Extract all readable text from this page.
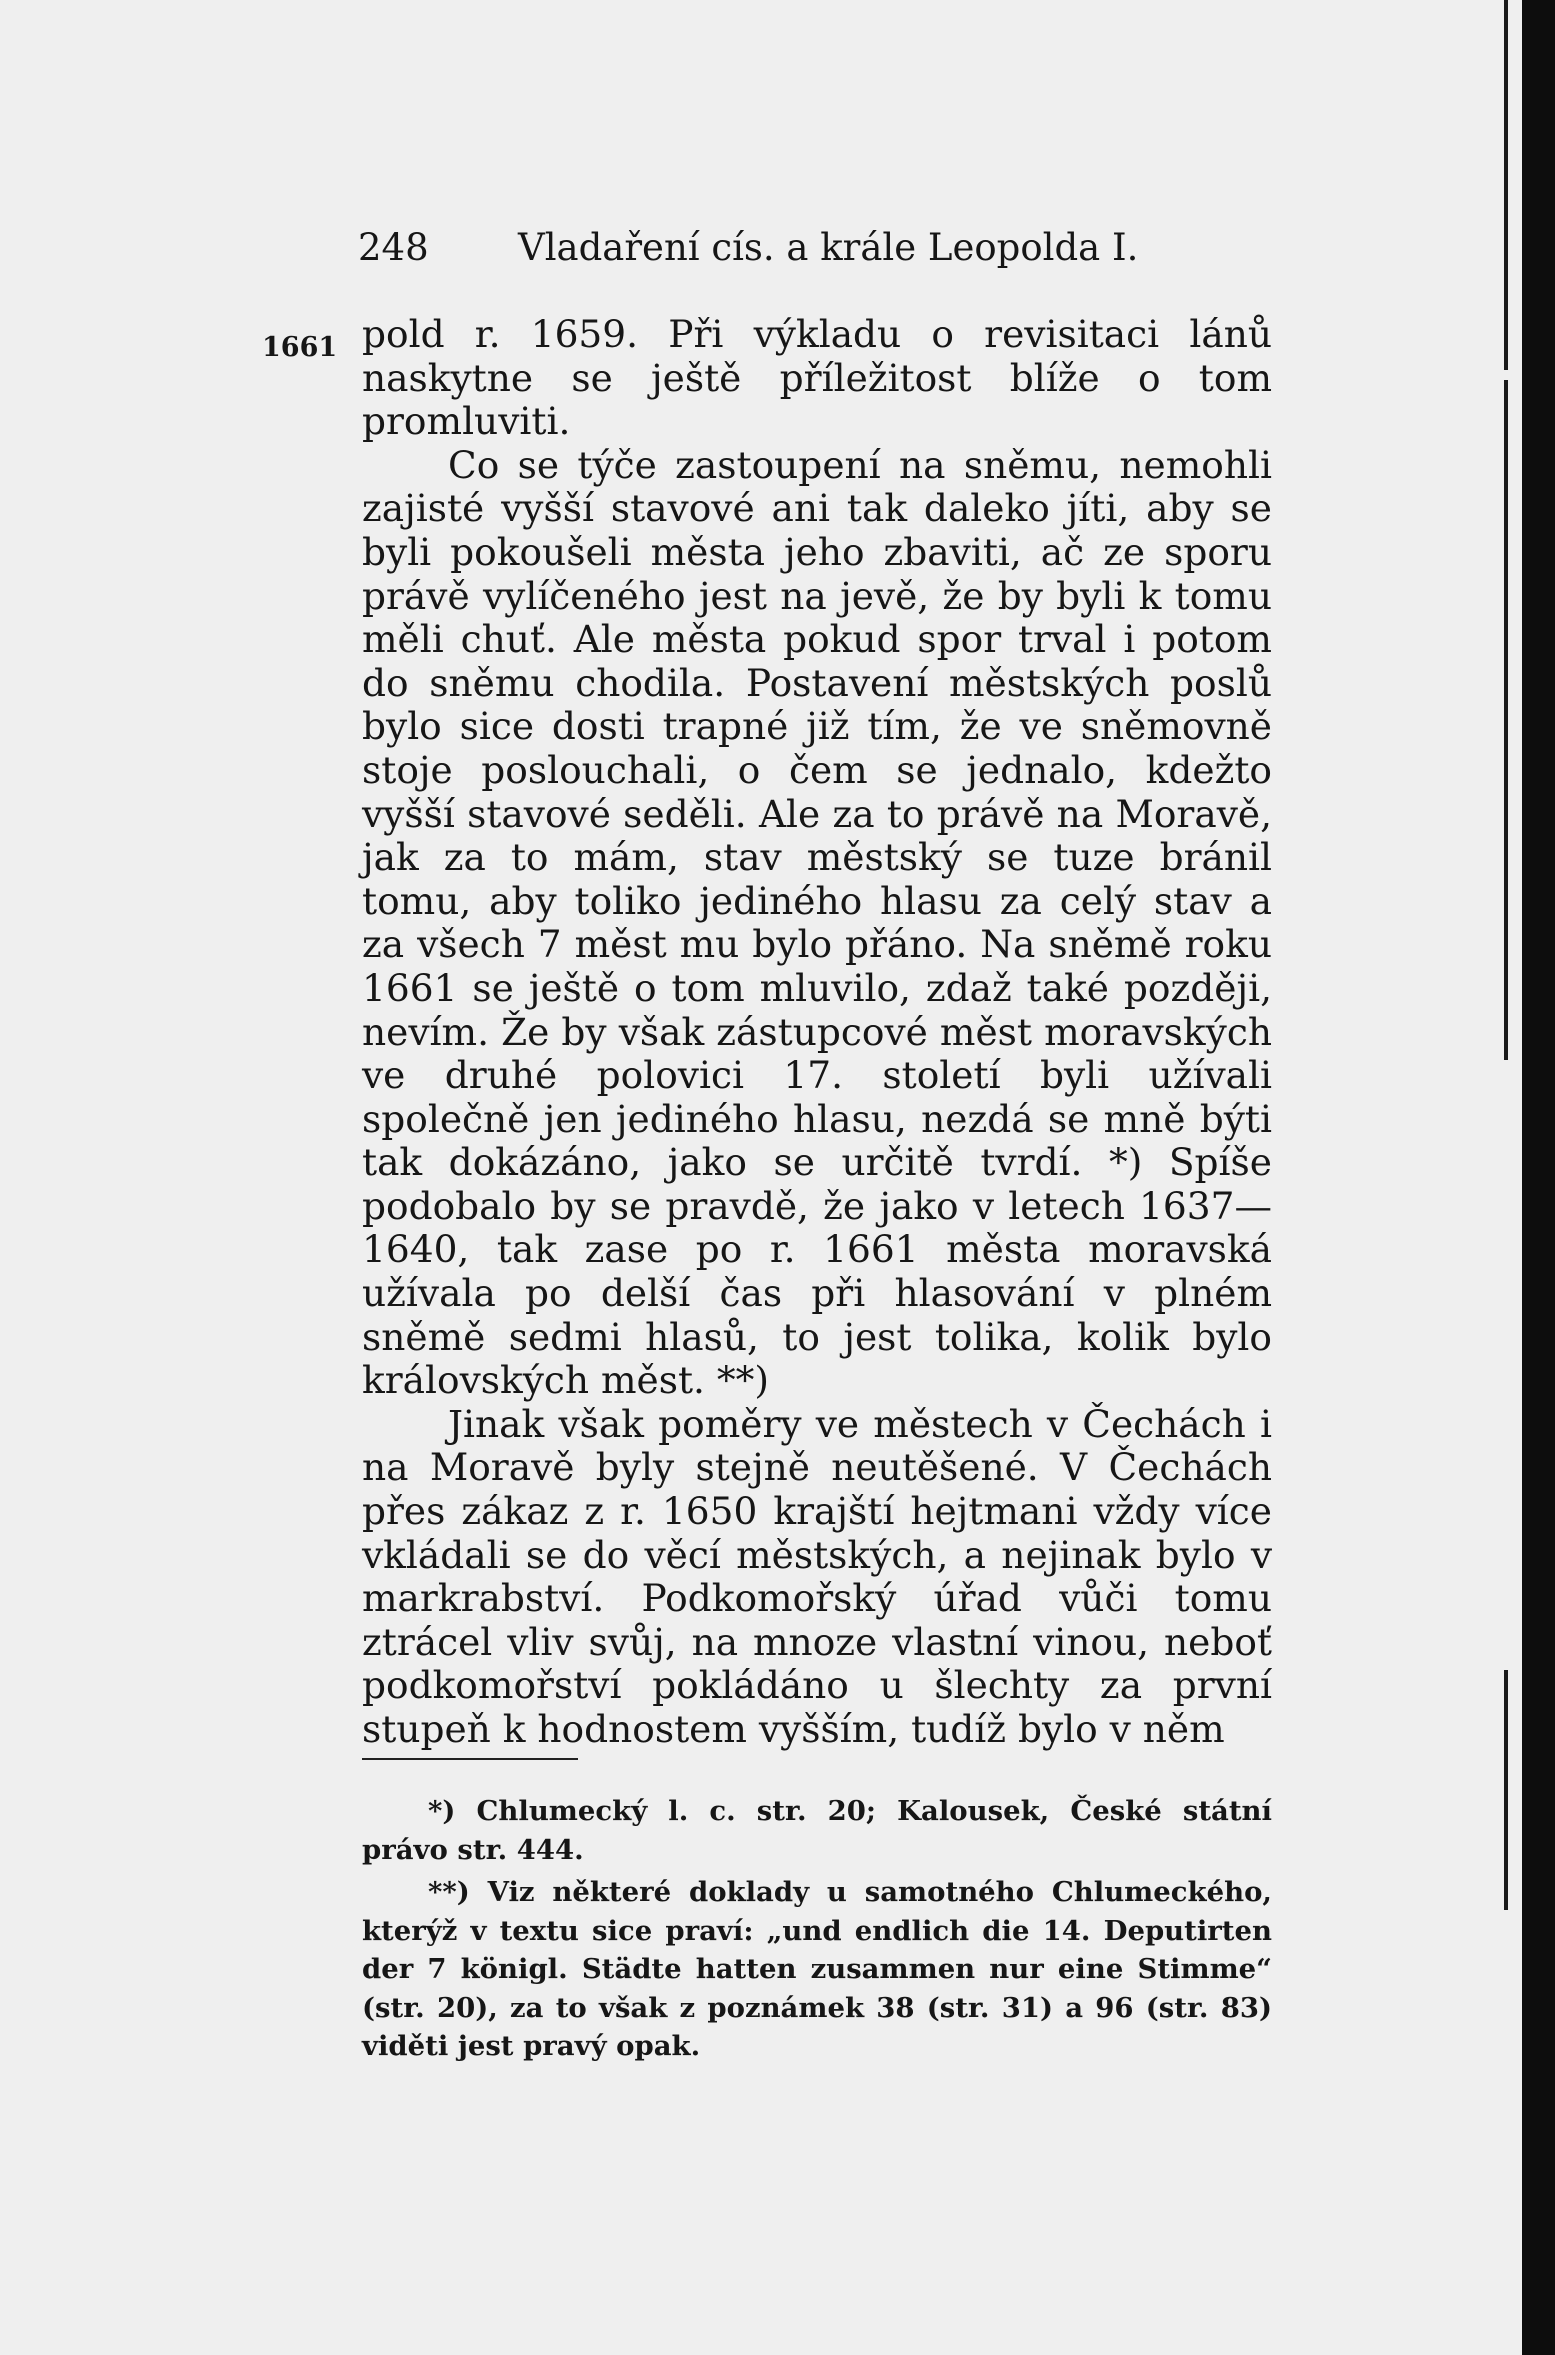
248 Vladaření cís. a krále Leopolda I.
1661 pold r. 1659. Při výkladu o revisitaci lánů naskytne se ještě příležitost blíže o tom promluviti.

Co se týče zastoupení na sněmu, nemohli zajisté vyšší stavové ani tak daleko jíti, aby se byli pokoušeli města jeho zbaviti, ač ze sporu právě vylíčeného jest na jevě, že by byli k tomu měli chuť. Ale města pokud spor trval i potom do sněmu chodila. Postavení městských poslů bylo sice dosti trapné již tím, že ve sněmovně stoje poslouchali, o čem se jednalo, kdežto vyšší stavové seděli. Ale za to právě na Moravě, jak za to mám, stav městský se tuze bránil tomu, aby toliko jediného hlasu za celý stav a za všech 7 měst mu bylo přáno. Na sněmě roku 1661 se ještě o tom mluvilo, zdaž také později, nevím. Že by však zástupcové měst moravských ve druhé polovici 17. století byli užívali společně jen jediného hlasu, nezdá se mně býti tak dokázáno, jako se určitě tvrdí. *) Spíše podobalo by se pravdě, že jako v letech 1637—1640, tak zase po r. 1661 města moravská užívala po delší čas při hlasování v plném sněmě sedmi hlasů, to jest tolika, kolik bylo královských měst. **)

Jinak však poměry ve městech v Čechách i na Moravě byly stejně neutěšené. V Čechách přes zákaz z r. 1650 krajští hejtmani vždy více vkládali se do věcí městských, a nejinak bylo v markrabství. Podkomořský úřad vůči tomu ztrácel vliv svůj, na mnoze vlastní vinou, neboť podkomořství pokládáno u šlechty za první stupeň k hodnostem vyšším, tudíž bylo v něm

*) Chlumecký l. c. str. 20; Kalousek, České státní právo str. 444.

**) Viz některé doklady u samotného Chlumeckého, kterýž v textu sice praví: „und endlich die 14. Deputirten der 7 königl. Städte hatten zusammen nur eine Stimme“ (str. 20), za to však z poznámek 38 (str. 31) a 96 (str. 83) viděti jest pravý opak.
